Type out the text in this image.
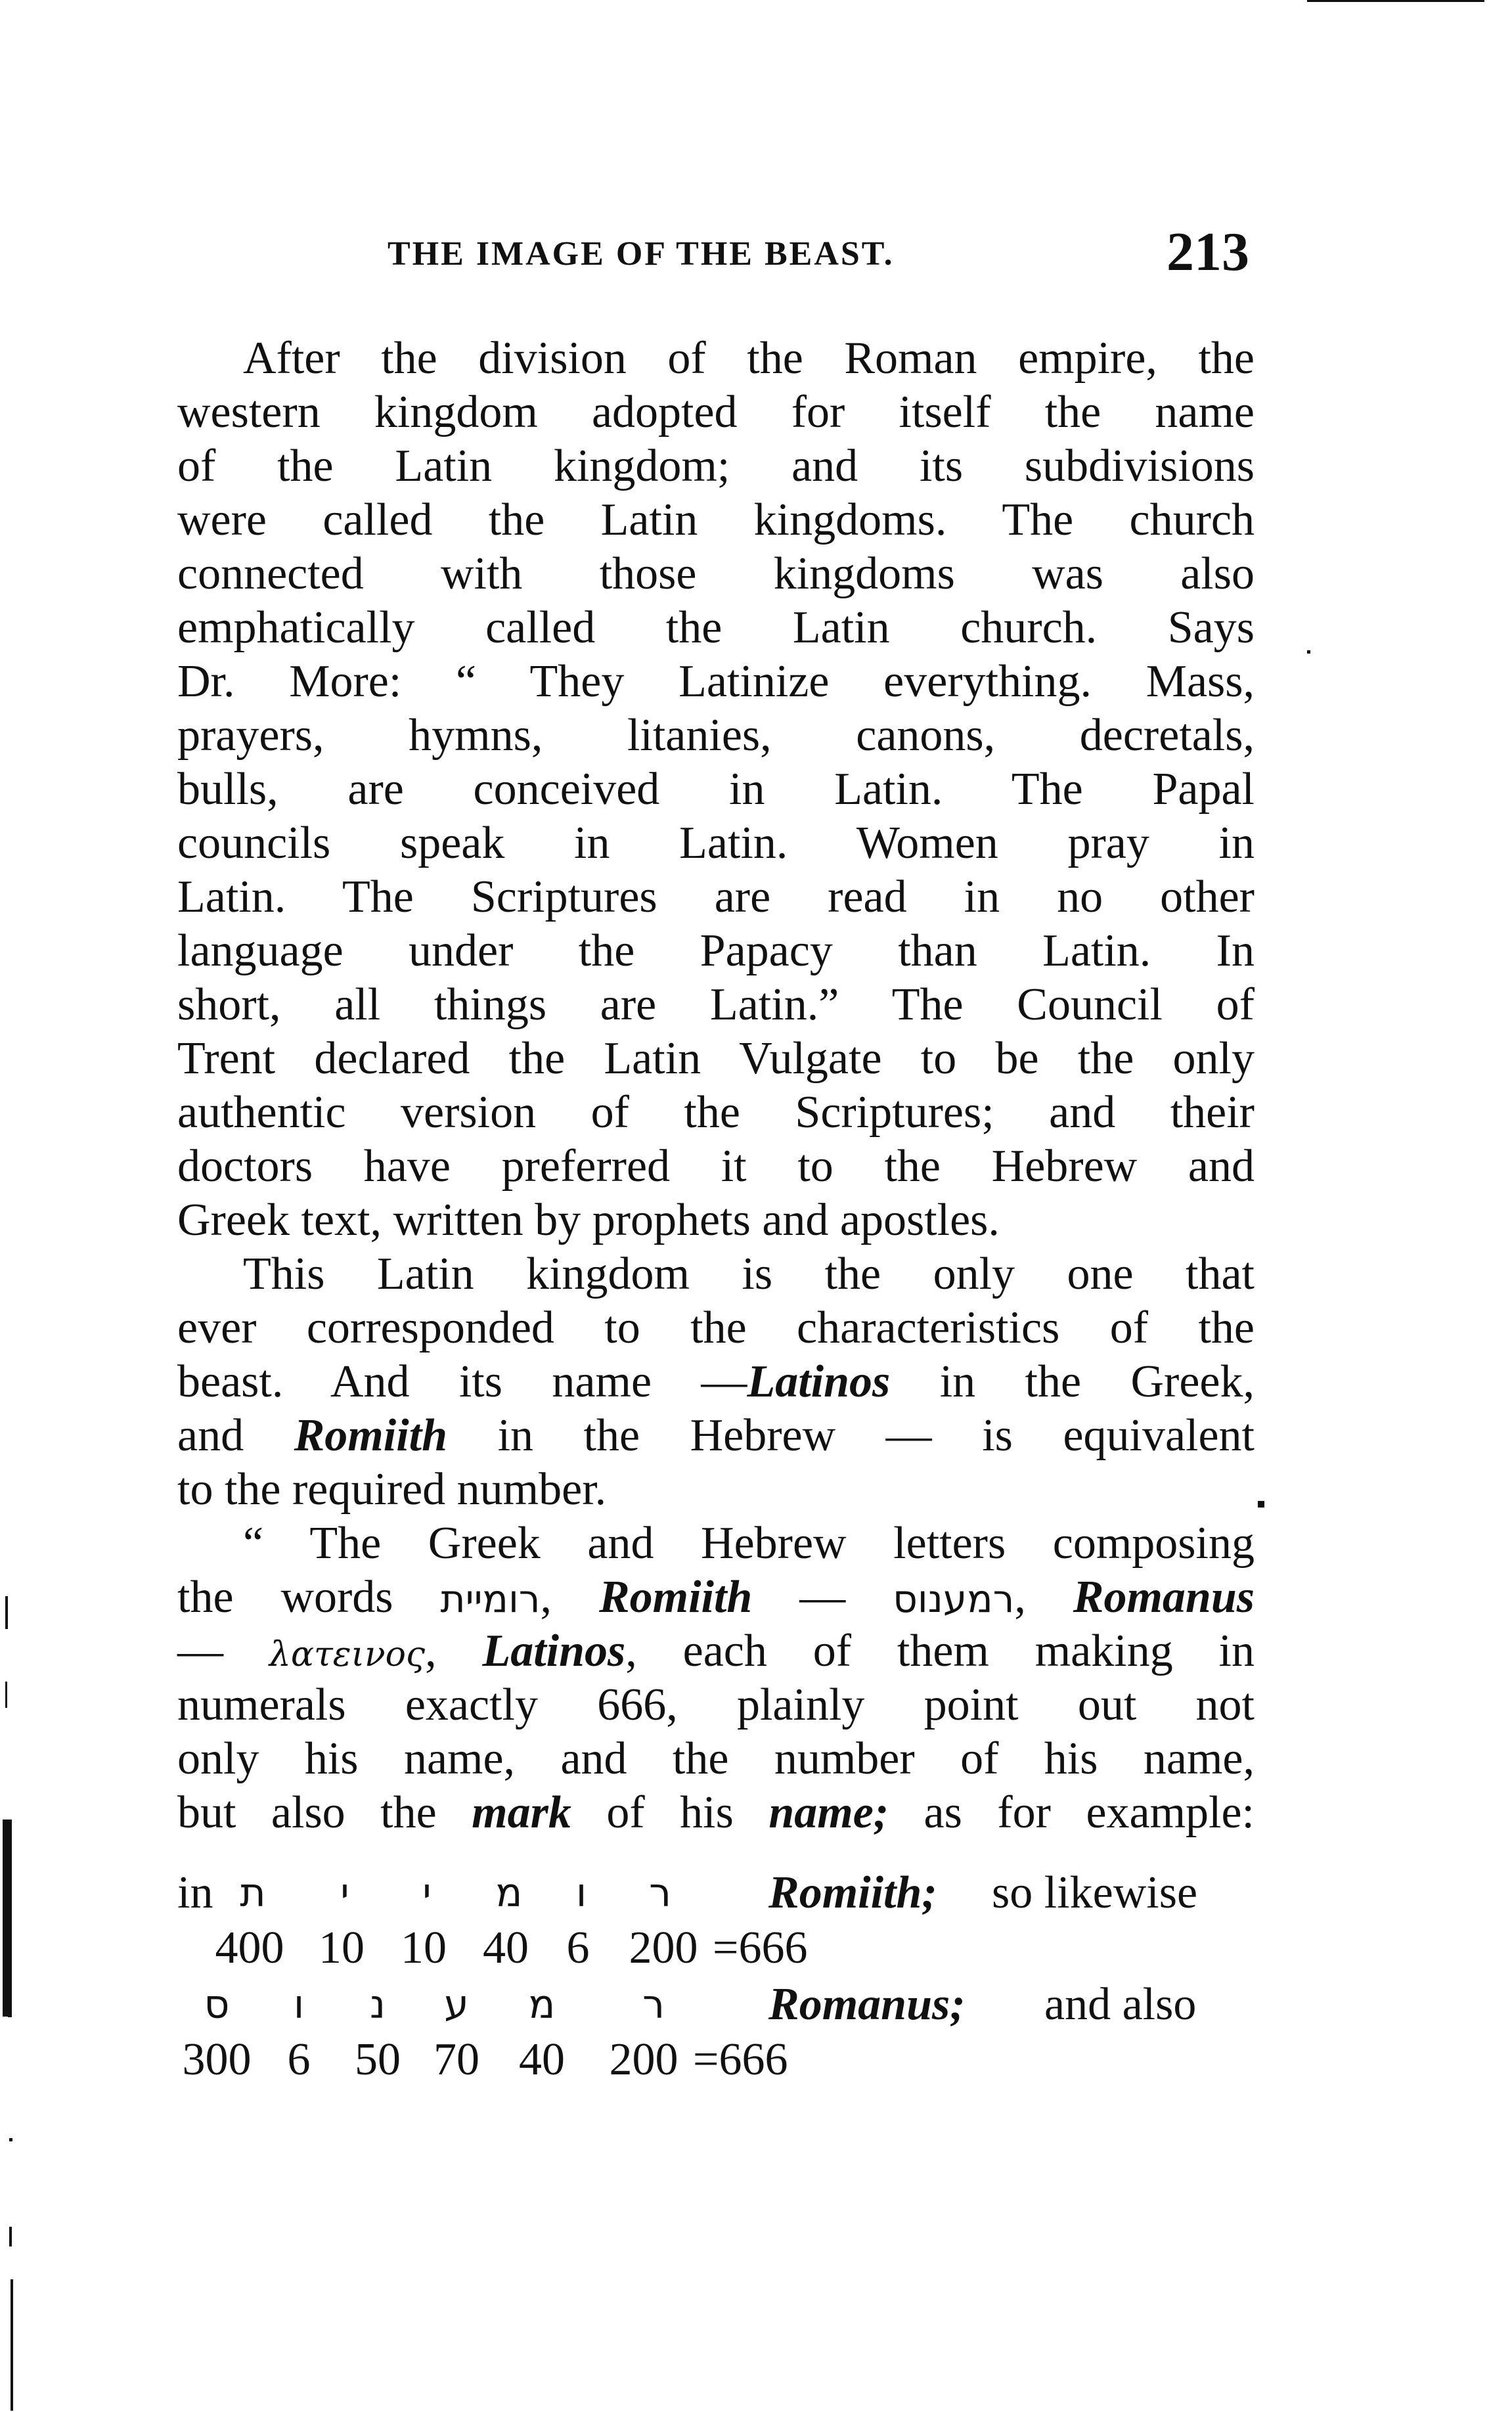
THE IMAGE OF THE BEAST.	213
After the division of the Roman empire, the
western kingdom adopted for itself the name
of the Latin kingdom; and its subdivisions
were called the Latin kingdoms. The church
connected with those kingdoms was also
emphatically called the Latin church. Says
Dr. More: “ They Latinize everything. Mass,
prayers, hymns, litanies, canons, decretals,
bulls, are conceived in Latin. The Papal
councils speak in Latin. Women pray in
Latin. The Scriptures are read in no other
language under the Papacy than Latin. In
short, all things are Latin.” The Council of
Trent declared the Latin Vulgate to be the only
authentic version of the Scriptures; and their
doctors have preferred it to the Hebrew and
Greek text, written by prophets and apostles.
This Latin kingdom is the only one that
ever corresponded to the characteristics of the
beast. And its name —Latinos in the Greek,
and Romiith in the Hebrew — is equivalent
to the required number.
“ The Greek and Hebrew letters composing
the words רומיית, Romiith — רמענוס, Romanus
— λατεινος, Latinos, each of them making in
numerals exactly 666, plainly point out not
only his name, and the number of his name,
but also the mark of his name; as for example:
in ת	י	י	מ	ו	ר Romiith; so likewise
400 10 10 40 6 200 =666
ס	ו	נ	ע מ	ר Romanus; and also
300 6 50 70 40 200 =666
